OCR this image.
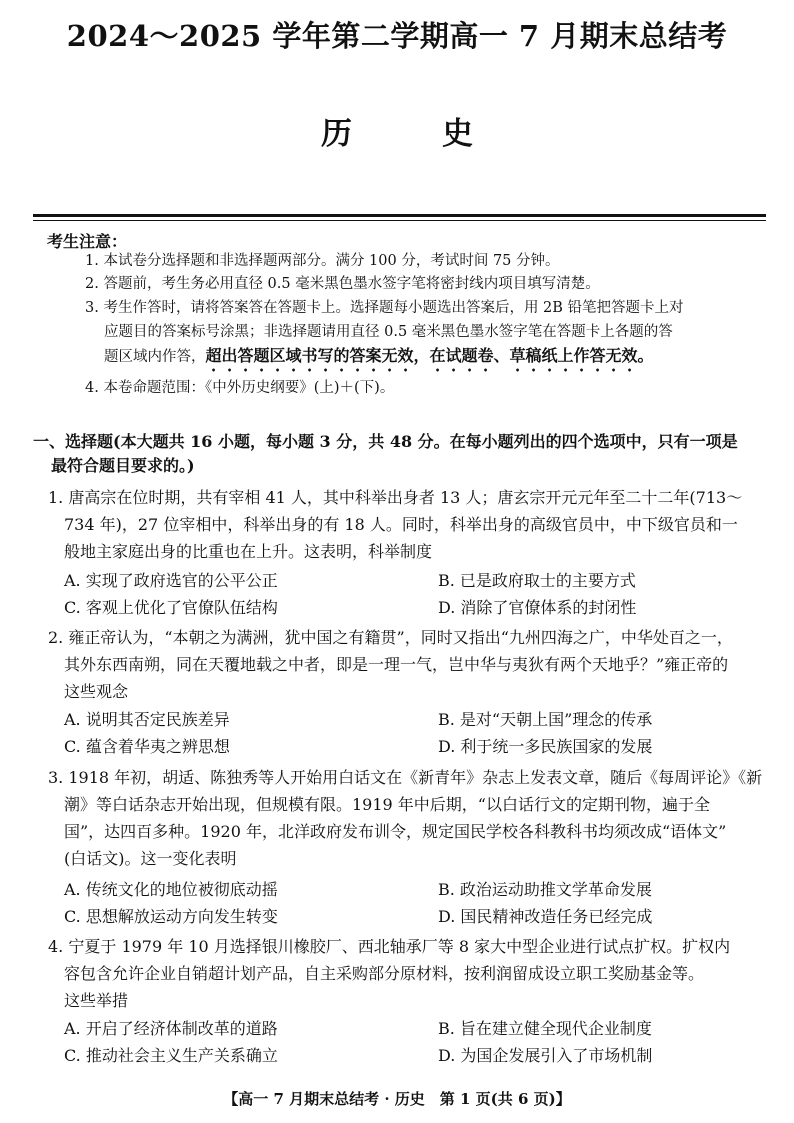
2024～2025 学年第二学期高一 7 月期末总结考
历史
考生注意：
1. 本试卷分选择题和非选择题两部分。满分 100 分，考试时间 75 分钟。
2. 答题前，考生务必用直径 0.5 毫米黑色墨水签字笔将密封线内项目填写清楚。
3. 考生作答时，请将答案答在答题卡上。选择题每小题选出答案后，用 2B 铅笔把答题卡上对
应题目的答案标号涂黑；非选择题请用直径 0.5 毫米黑色墨水签字笔在答题卡上各题的答
题区域内作答，超出答题区域书写的答案无效，在试题卷、草稿纸上作答无效。
4. 本卷命题范围：《中外历史纲要》(上)＋(下)。
一、选择题(本大题共 16 小题，每小题 3 分，共 48 分。在每小题列出的四个选项中，只有一项是
最符合题目要求的。)
1. 唐高宗在位时期，共有宰相 41 人，其中科举出身者 13 人；唐玄宗开元元年至二十二年(713～
734 年)，27 位宰相中，科举出身的有 18 人。同时，科举出身的高级官员中，中下级官员和一
般地主家庭出身的比重也在上升。这表明，科举制度
A. 实现了政府选官的公平公正	B. 已是政府取士的主要方式
C. 客观上优化了官僚队伍结构	D. 消除了官僚体系的封闭性
2. 雍正帝认为，“本朝之为满洲，犹中国之有籍贯”，同时又指出“九州四海之广，中华处百之一，
其外东西南朔，同在天覆地载之中者，即是一理一气，岂中华与夷狄有两个天地乎？”雍正帝的
这些观念
A. 说明其否定民族差异	B. 是对“天朝上国”理念的传承
C. 蕴含着华夷之辨思想	D. 利于统一多民族国家的发展
3. 1918 年初，胡适、陈独秀等人开始用白话文在《新青年》杂志上发表文章，随后《每周评论》《新
潮》等白话杂志开始出现，但规模有限。1919 年中后期，“以白话行文的定期刊物，遍于全
国”，达四百多种。1920 年，北洋政府发布训令，规定国民学校各科教科书均须改成“语体文”
(白话文)。这一变化表明
A. 传统文化的地位被彻底动摇	B. 政治运动助推文学革命发展
C. 思想解放运动方向发生转变	D. 国民精神改造任务已经完成
4. 宁夏于 1979 年 10 月选择银川橡胶厂、西北轴承厂等 8 家大中型企业进行试点扩权。扩权内
容包含允许企业自销超计划产品，自主采购部分原材料，按利润留成设立职工奖励基金等。
这些举措
A. 开启了经济体制改革的道路	B. 旨在建立健全现代企业制度
C. 推动社会主义生产关系确立	D. 为国企发展引入了市场机制
【高一 7 月期末总结考 · 历史　第 1 页(共 6 页)】
